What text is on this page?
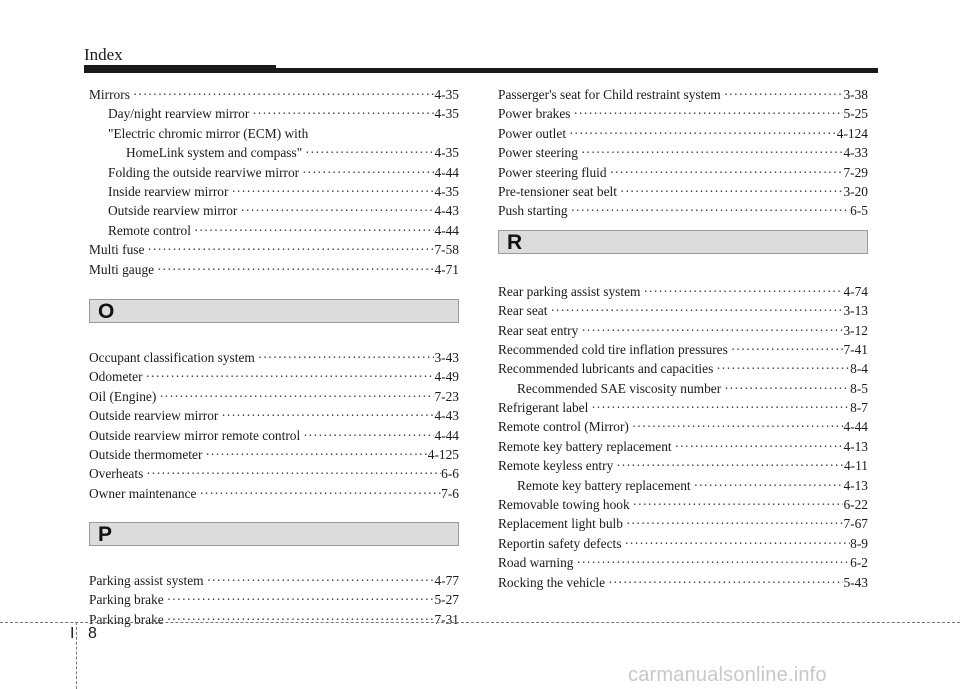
Index
Mirrors ·····	4-35
Day/night rearview mirror ·····	4-35
"Electric chromic mirror (ECM) with
HomeLink system and compass" ·····	4-35
Folding the outside rearviwe mirror ·····	4-44
Inside rearview mirror ·····	4-35
Outside rearview mirror ·····	4-43
Remote control ·····	4-44
Multi fuse ·····	7-58
Multi gauge ·····	4-71
O
Occupant classification system ·····	3-43
Odometer ·····	4-49
Oil (Engine) ·····	7-23
Outside rearview mirror ·····	4-43
Outside rearview mirror remote control ·····	4-44
Outside thermometer ·····	4-125
Overheats ·····	6-6
Owner maintenance ·····	7-6
P
Parking assist system ·····	4-77
Parking brake ·····	5-27
Parking brake ·····	7-31
Passerger's seat for Child restraint system ·····	3-38
Power brakes ·····	5-25
Power outlet ·····	4-124
Power steering ·····	4-33
Power steering fluid ·····	7-29
Pre-tensioner seat belt ·····	3-20
Push starting ·····	6-5
R
Rear parking assist system ·····	4-74
Rear seat ·····	3-13
Rear seat entry ·····	3-12
Recommended cold tire inflation pressures ·····	7-41
Recommended lubricants and capacities ·····	8-4
Recommended SAE viscosity number ·····	8-5
Refrigerant label ·····	8-7
Remote control (Mirror) ·····	4-44
Remote key battery replacement ·····	4-13
Remote keyless entry ·····	4-11
Remote key battery replacement ·····	4-13
Removable towing hook ·····	6-22
Replacement light bulb ·····	7-67
Reportin safety defects ·····	8-9
Road warning ·····	6-2
Rocking the vehicle ·····	5-43
I 8
carmanualsonline.info
